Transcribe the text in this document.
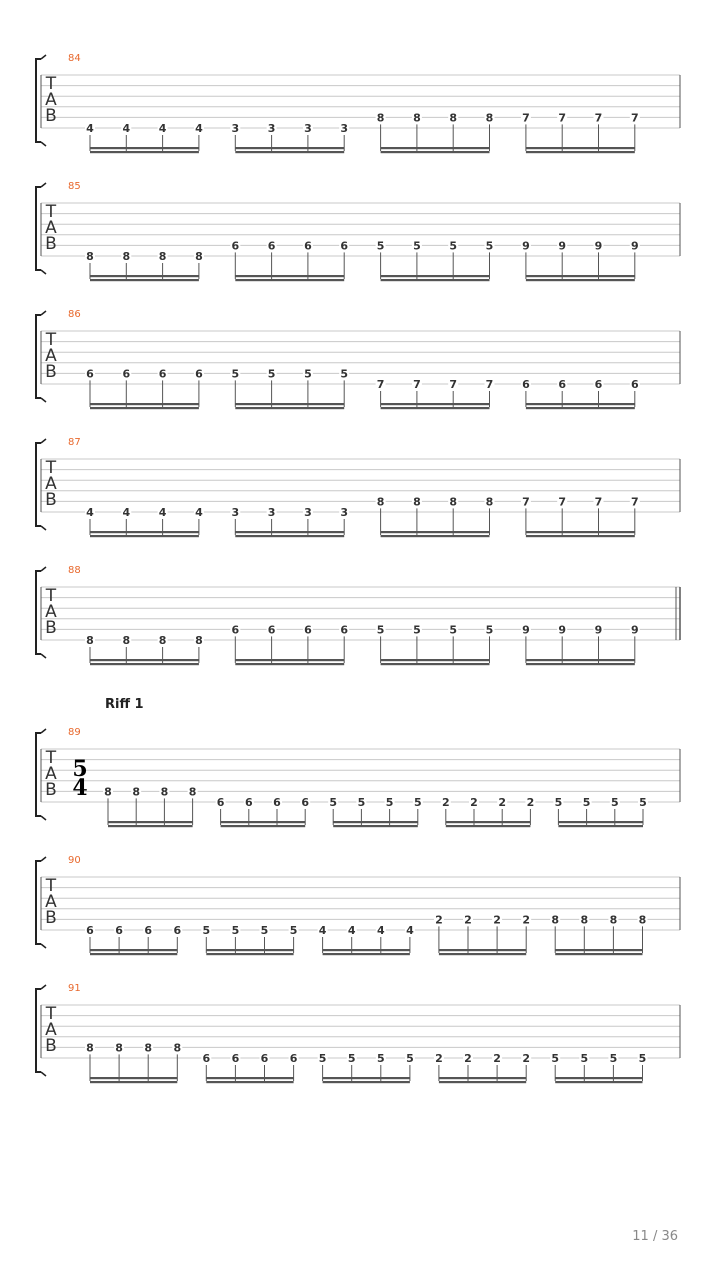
T
A
B
84
4	4	4	4	3	3	3	3
8	8	8	8	7	7	7	7
T
A
B
85
8	8	8	8
6	6	6	6	5	5	5	5	9	9	9	9
T
A
B
86
6	6	6	6	5	5	5	5
7	7	7	7	6	6	6	6
T
A
B
87
4	4	4	4	3	3	3	3
8	8	8	8	7	7	7	7
T
A
B
88
8	8	8	8
6	6	6	6	5	5	5	5	9	9	9	9
T
A
B
89
Riff 1
5
4 8 8 8 8
6 6 6 6 5 5 5 5 2 2 2 2 5 5 5 5
T
A
B
90
6 6 6 6 5 5 5 5 4 4 4 4
2 2 2 2 8 8 8 8
T
A
B
91
8 8 8 8
6 6 6 6 5 5 5 5 2 2 2 2 5 5 5 5
11 / 36
